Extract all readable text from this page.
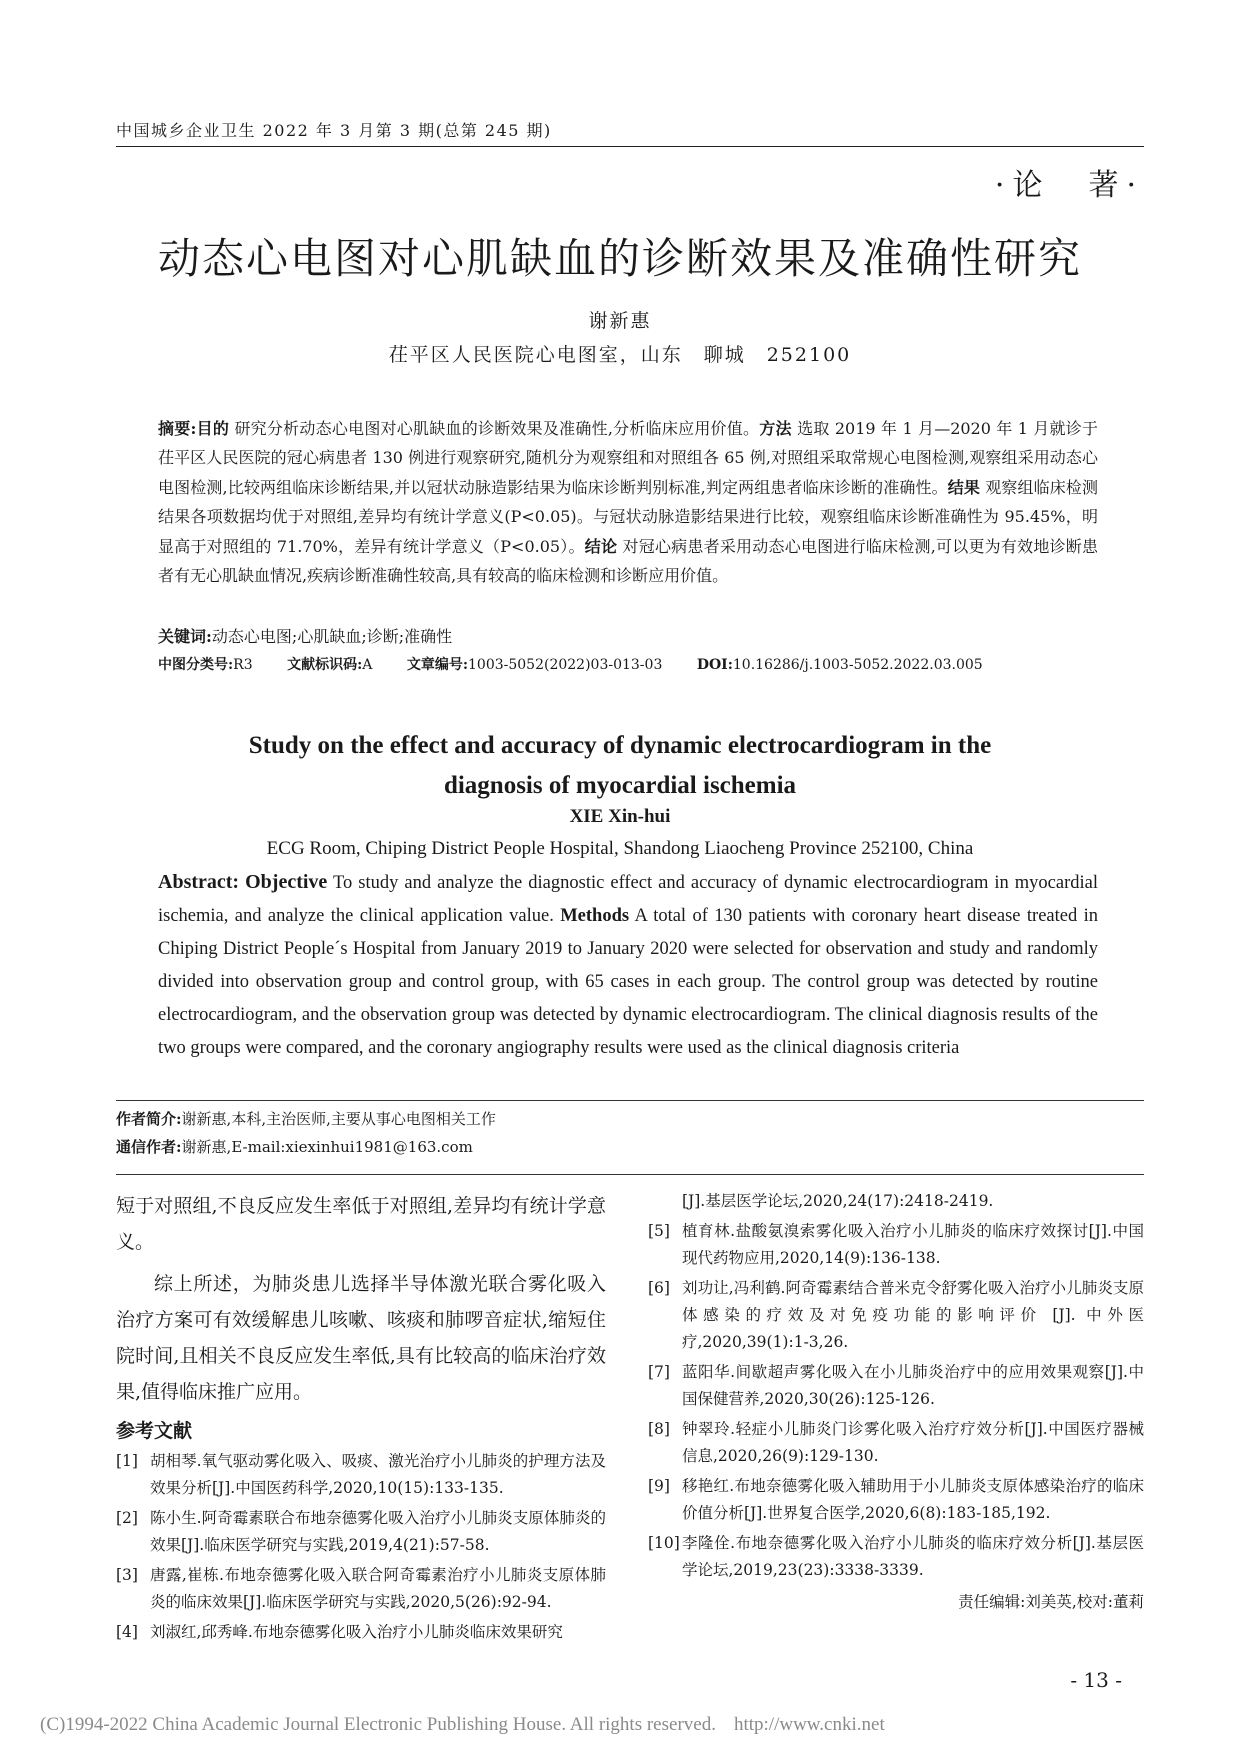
中国城乡企业卫生 2022 年 3 月第 3 期(总第 245 期)
·论　著·
动态心电图对心肌缺血的诊断效果及准确性研究
谢新惠
茌平区人民医院心电图室，山东　聊城　252100
摘要:目的 研究分析动态心电图对心肌缺血的诊断效果及准确性,分析临床应用价值。方法 选取 2019 年 1 月—2020 年 1 月就诊于茌平区人民医院的冠心病患者 130 例进行观察研究,随机分为观察组和对照组各 65 例,对照组采取常规心电图检测,观察组采用动态心电图检测,比较两组临床诊断结果,并以冠状动脉造影结果为临床诊断判别标准,判定两组患者临床诊断的准确性。结果 观察组临床检测结果各项数据均优于对照组,差异均有统计学意义(P<0.05)。与冠状动脉造影结果进行比较，观察组临床诊断准确性为 95.45%，明显高于对照组的 71.70%，差异有统计学意义（P<0.05）。结论 对冠心病患者采用动态心电图进行临床检测,可以更为有效地诊断患者有无心肌缺血情况,疾病诊断准确性较高,具有较高的临床检测和诊断应用价值。
关键词:动态心电图;心肌缺血;诊断;准确性
中图分类号:R3 文献标识码:A 文章编号:1003-5052(2022)03-013-03 DOI:10.16286/j.1003-5052.2022.03.005
Study on the effect and accuracy of dynamic electrocardiogram in the
diagnosis of myocardial ischemia
XIE Xin-hui
ECG Room, Chiping District People Hospital, Shandong Liaocheng Province 252100, China
Abstract: Objective To study and analyze the diagnostic effect and accuracy of dynamic electrocardiogram in myocardial ischemia, and analyze the clinical application value. Methods A total of 130 patients with coronary heart disease treated in Chiping District People´s Hospital from January 2019 to January 2020 were selected for observation and study and randomly divided into observation group and control group, with 65 cases in each group. The control group was detected by routine electrocardiogram, and the observation group was detected by dynamic electrocardiogram. The clinical diagnosis results of the two groups were compared, and the coronary angiography results were used as the clinical diagnosis criteria
作者简介:谢新惠,本科,主治医师,主要从事心电图相关工作
通信作者:谢新惠,E-mail:xiexinhui1981@163.com

短于对照组,不良反应发生率低于对照组,差异均有统计学意义。

综上所述，为肺炎患儿选择半导体激光联合雾化吸入治疗方案可有效缓解患儿咳嗽、咳痰和肺啰音症状,缩短住院时间,且相关不良反应发生率低,具有比较高的临床治疗效果,值得临床推广应用。

参考文献
[1] 胡相琴.氧气驱动雾化吸入、吸痰、激光治疗小儿肺炎的护理方法及效果分析[J].中国医药科学,2020,10(15):133-135.
[2] 陈小生.阿奇霉素联合布地奈德雾化吸入治疗小儿肺炎支原体肺炎的效果[J].临床医学研究与实践,2019,4(21):57-58.
[3] 唐露,崔栋.布地奈德雾化吸入联合阿奇霉素治疗小儿肺炎支原体肺炎的临床效果[J].临床医学研究与实践,2020,5(26):92-94.
[4] 刘淑红,邱秀峰.布地奈德雾化吸入治疗小儿肺炎临床效果研究
[J].基层医学论坛,2020,24(17):2418-2419.
[5] 植育林.盐酸氨溴索雾化吸入治疗小儿肺炎的临床疗效探讨[J].中国现代药物应用,2020,14(9):136-138.
[6] 刘功让,冯利鹤.阿奇霉素结合普米克令舒雾化吸入治疗小儿肺炎支原体感染的疗效及对免疫功能的影响评价 [J]. 中外医疗,2020,39(1):1-3,26.
[7] 蓝阳华.间歇超声雾化吸入在小儿肺炎治疗中的应用效果观察[J].中国保健营养,2020,30(26):125-126.
[8] 钟翠玲.轻症小儿肺炎门诊雾化吸入治疗疗效分析[J].中国医疗器械信息,2020,26(9):129-130.
[9] 移艳红.布地奈德雾化吸入辅助用于小儿肺炎支原体感染治疗的临床价值分析[J].世界复合医学,2020,6(8):183-185,192.
[10] 李隆佺.布地奈德雾化吸入治疗小儿肺炎的临床疗效分析[J].基层医学论坛,2019,23(23):3338-3339.
责任编辑:刘美英,校对:董莉
- 13 -
(C)1994-2022 China Academic Journal Electronic Publishing House. All rights reserved. http://www.cnki.net
